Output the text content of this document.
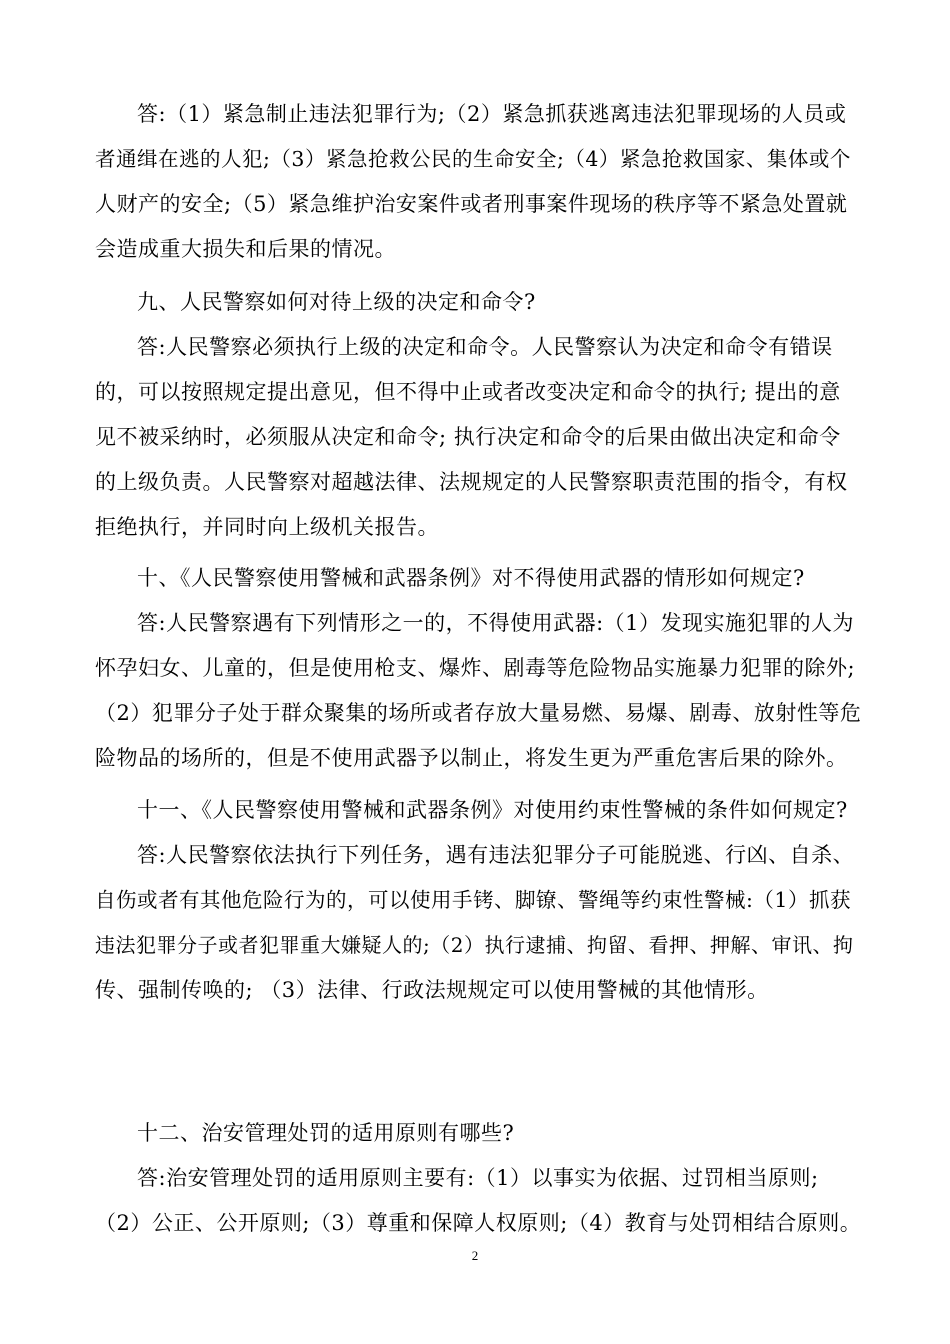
答:（1）紧急制止违法犯罪行为;（2）紧急抓获逃离违法犯罪现场的人员或
者通缉在逃的人犯;（3）紧急抢救公民的生命安全;（4）紧急抢救国家、集体或个
人财产的安全;（5）紧急维护治安案件或者刑事案件现场的秩序等不紧急处置就
会造成重大损失和后果的情况。
九、人民警察如何对待上级的决定和命令?
答:人民警察必须执行上级的决定和命令。人民警察认为决定和命令有错误
的，可以按照规定提出意见，但不得中止或者改变决定和命令的执行; 提出的意
见不被采纳时，必须服从决定和命令; 执行决定和命令的后果由做出决定和命令
的上级负责。人民警察对超越法律、法规规定的人民警察职责范围的指令，有权
拒绝执行，并同时向上级机关报告。
十、《人民警察使用警械和武器条例》对不得使用武器的情形如何规定?
答:人民警察遇有下列情形之一的，不得使用武器:（1）发现实施犯罪的人为
怀孕妇女、儿童的，但是使用枪支、爆炸、剧毒等危险物品实施暴力犯罪的除外;
（2）犯罪分子处于群众聚集的场所或者存放大量易燃、易爆、剧毒、放射性等危
险物品的场所的，但是不使用武器予以制止，将发生更为严重危害后果的除外。
十一、《人民警察使用警械和武器条例》对使用约束性警械的条件如何规定?
答:人民警察依法执行下列任务，遇有违法犯罪分子可能脱逃、行凶、自杀、
自伤或者有其他危险行为的，可以使用手铐、脚镣、警绳等约束性警械:（1）抓获
违法犯罪分子或者犯罪重大嫌疑人的;（2）执行逮捕、拘留、看押、押解、审讯、拘
传、强制传唤的; （3）法律、行政法规规定可以使用警械的其他情形。
十二、治安管理处罚的适用原则有哪些?
答:治安管理处罚的适用原则主要有:（1）以事实为依据、过罚相当原则;
（2）公正、公开原则;（3）尊重和保障人权原则;（4）教育与处罚相结合原则。
2
